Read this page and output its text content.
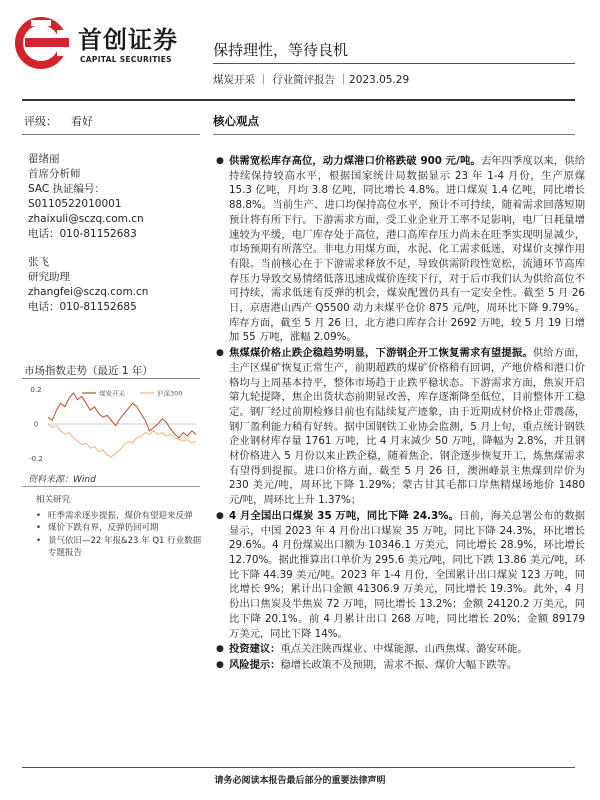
首创证券
CAPITAL SECURITIES
保持理性，等待良机
煤炭开采 ｜ 行业简评报告 ｜2023.05.29
评级： 看好	核心观点
翟绪丽
首席分析师
SAC 执证编号：
S0110522010001
zhaixuli@sczq.com.cn
电话：010-81152683
张飞
研究助理
zhangfei@sczq.com.cn
电话：010-81152685
市场指数走势（最近 1 年）
0.2
0
-0.2
煤炭开采	沪深300
资料来源：Wind
相关研究
• 旺季需求逐步提振，煤价有望迎来反弹
• 煤价下跌有界，反弹仍回可期
• 景气依旧—22 年报&23 年 Q1 行业数据专题报告
● 供需宽松库存高位，动力煤港口价格跌破 900 元/吨。去年四季度以来，供给持续保持较高水平，根据国家统计局数据显示 23 年 1-4 月份，生产原煤 15.3 亿吨，月均 3.8 亿吨，同比增长 4.8%。进口煤炭 1.4 亿吨，同比增长 88.8%。当前生产、进口均保持高位水平，预计不可持续，随着需求回落短期预计将有所下行。下游需求方面，受工业企业开工率不足影响，电厂日耗量增速较为平缓，电厂库存处于高位，港口高库存压力尚未在旺季实现明显减少，市场预期有所落空。非电力用煤方面，水泥、化工需求低迷，对煤价支撑作用有限。当前核心在于下游需求释放不足，导致供需阶段性宽松，流通环节高库存压力导致交易情绪低落迅速成煤价连续下行，对于后市我们认为供给高位不可持续，需求低迷有反弹的机会，煤炭配置仍具有一定安全性。截至 5 月 26 日，京唐港山西产 Q5500 动力末煤平仓价 875 元/吨，周环比下降 9.79%。库存方面，截至 5 月 26 日，北方港口库存合计 2692 万吨，较 5 月 19 日增加 55 万吨，涨幅 2.09%。
● 焦煤煤价格止跌企稳趋势明显，下游钢企开工恢复需求有望提振。供给方面，主产区煤矿恢复正常生产，前期超跌的煤矿价格稍有回调，产地价格和港口价格均与上周基本持平，整体市场趋于止跌平稳状态。下游需求方面，焦炭开启第九轮提降，焦企出货状态前期显改善，库存逐渐降至低位，目前整体开工稳定。钢厂经过前期检修目前也有陆续复产迹象，由于近期成材价格止带震荡，钢厂盈利能力稍有好转。据中国钢铁工业协会监测，5 月上旬，重点统计钢铁企业钢材库存量 1761 万吨，比 4 月末减少 50 万吨，降幅为 2.8%，并且钢材价格进入 5 月份以来止跌企稳，随着焦企、钢企逐步恢复开工，炼焦煤需求有望得到提振。进口价格方面，截至 5 月 26 日，澳洲峰景主焦煤到岸价为 230 美元/吨，周环比下降 1.29%；蒙古甘其毛都口岸焦精煤场地价 1480 元/吨，周环比上升 1.37%；
● 4 月全国出口煤炭 35 万吨，同比下降 24.3%。日前，海关总署公布的数据显示，中国 2023 年 4 月份出口煤炭 35 万吨，同比下降 24.3%，环比增长 29.6%。4 月份煤炭出口额为 10346.1 万美元，同比增长 28.9%，环比增长 12.70%。据此推算出口单价为 295.6 美元/吨，同比下跌 13.86 美元/吨，环比下降 44.39 美元/吨。2023 年 1-4 月份，全国累计出口煤炭 123 万吨，同比增长 9%；累计出口金额 41306.9 万美元，同比增长 19.3%。此外，4 月份出口焦炭及半焦炭 72 万吨，同比增长 13.2%；金额 24120.2 万美元，同比下降 20.1%。前 4 月累计出口 268 万吨，同比增长 20%；金额 89179 万美元，同比下降 14%。
● 投资建议：重点关注陕西煤业、中煤能源、山西焦煤、潞安环能。
● 风险提示：稳增长政策不及预期，需求不振、煤价大幅下跌等。
请务必阅读本报告最后部分的重要法律声明
